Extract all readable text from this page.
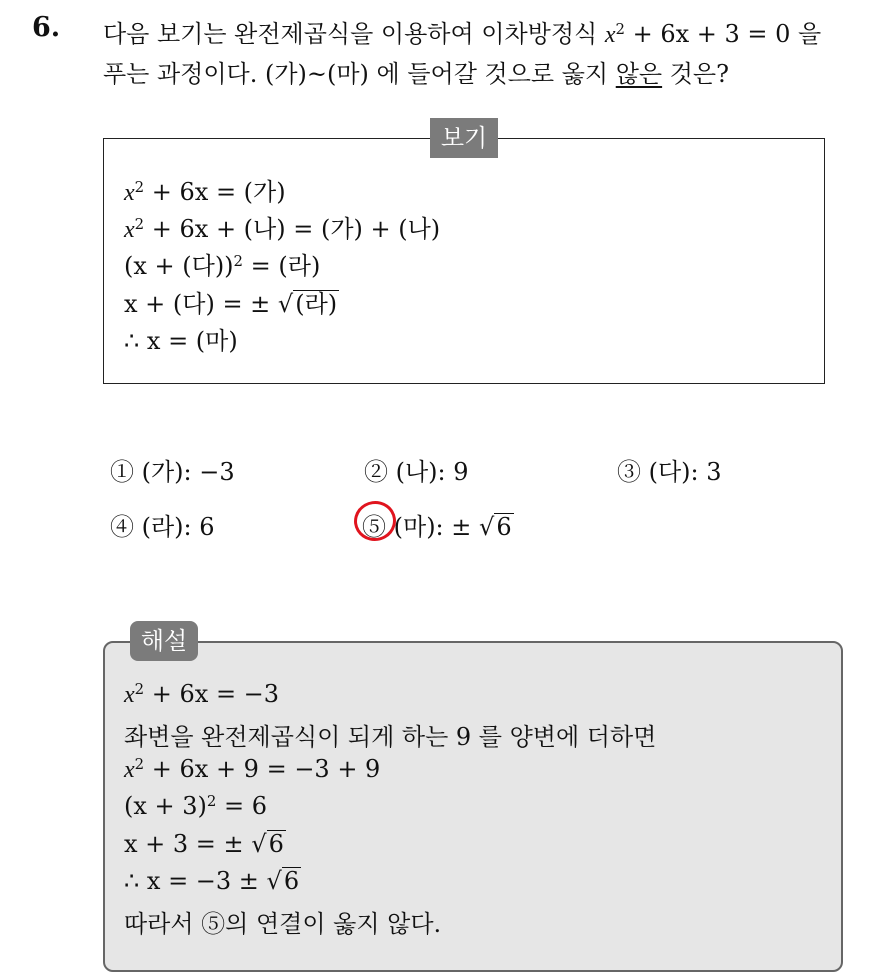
6. 다음 보기는 완전제곱식을 이용하여 이차방정식 $x^2 + 6x + 3 = 0$ 을
푸는 과정이다. (가)~(마) 에 들어갈 것으로 옳지 않은 것은?
보기
$x^2 + 6x$ = (가)
$x^2 + 6x$ + (나) = (가) + (나)
(x + (다))$^2$ = (라)
x + (다) = ± √(라)
∴ x = (마)
① (가): −3	② (나): 9	③ (다): 3
④ (라): 6	⑤ (마): ± √6
해설
$x^2 + 6x = -3$
좌변을 완전제곱식이 되게 하는 9 를 양변에 더하면
$x^2 + 6x + 9 = -3 + 9$
$(x + 3)^2 = 6$
x + 3 = ± √6
∴ x = −3 ± √6
따라서 ⑤의 연결이 옳지 않다.
